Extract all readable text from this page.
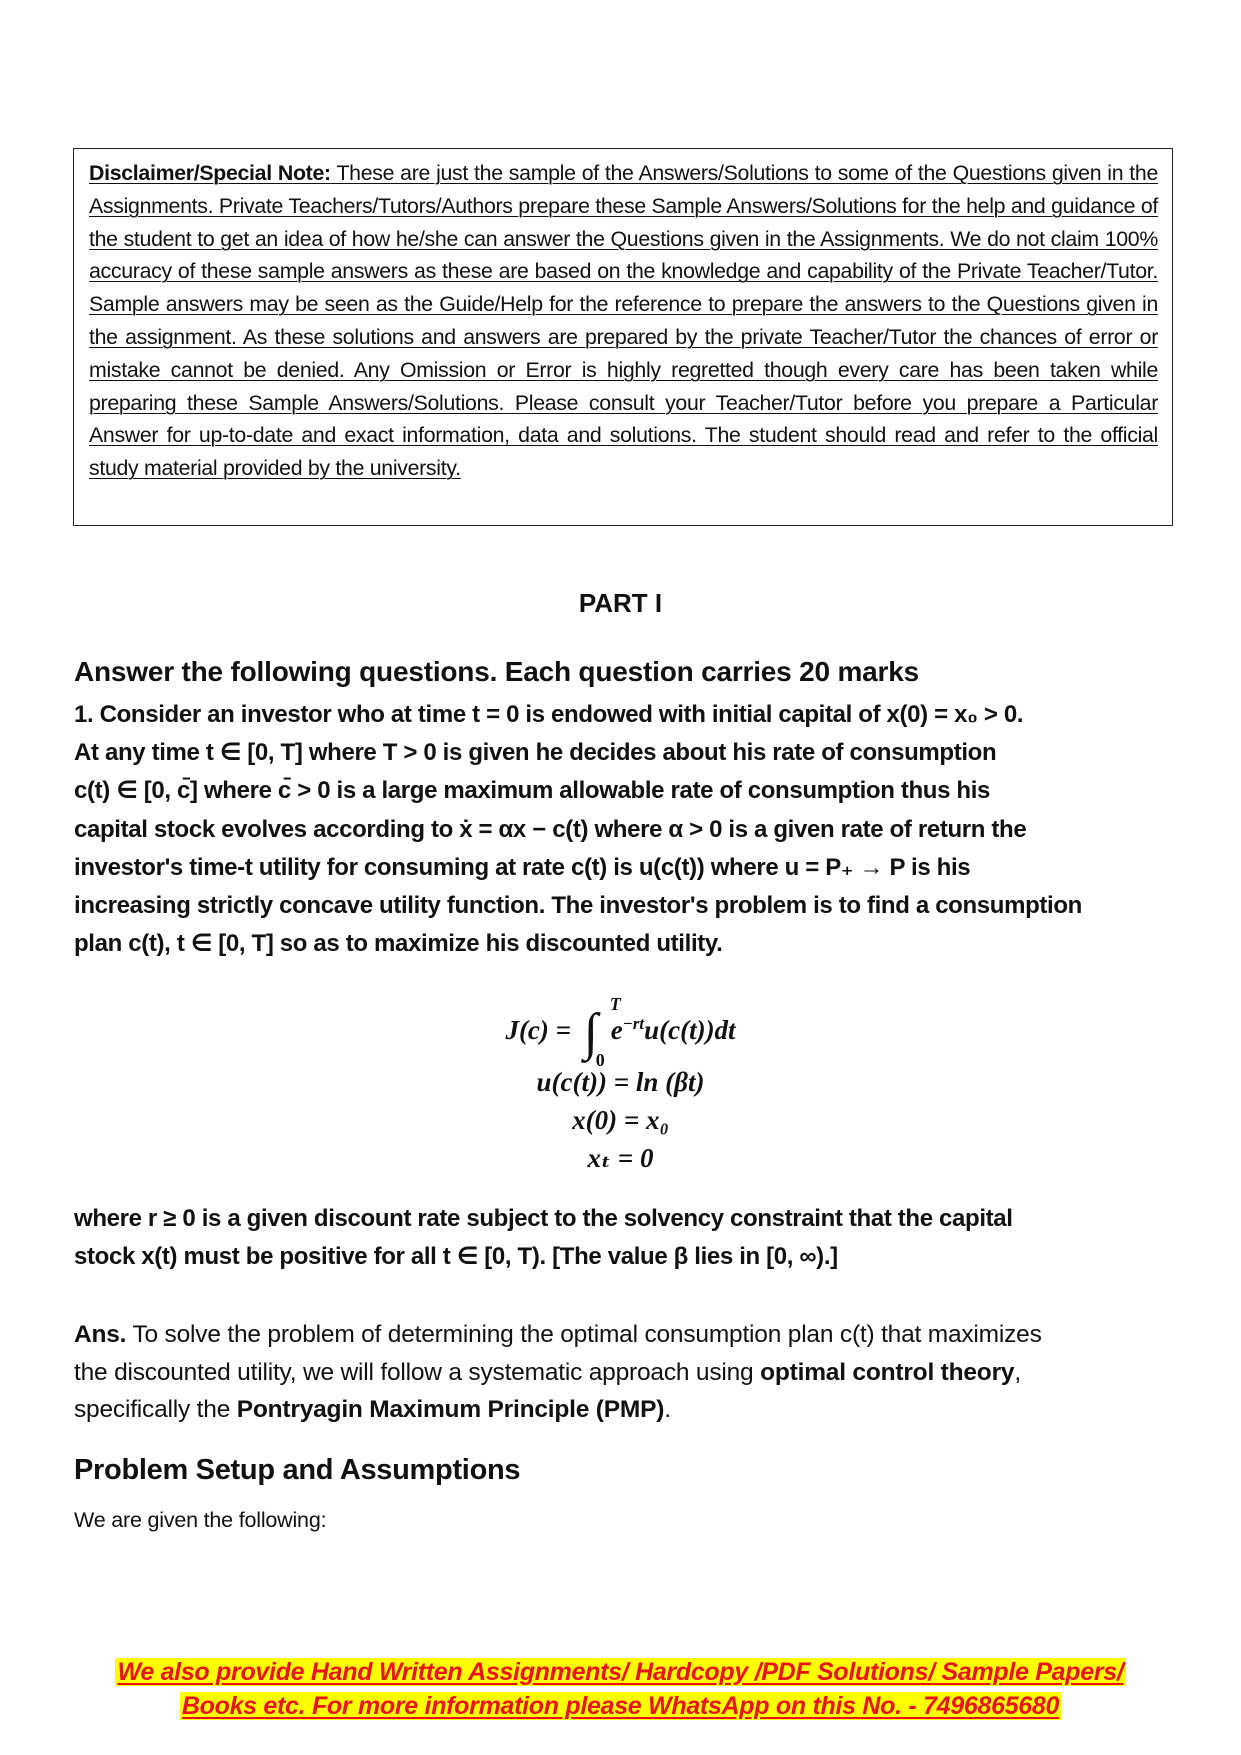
Disclaimer/Special Note: These are just the sample of the Answers/Solutions to some of the Questions given in the Assignments. Private Teachers/Tutors/Authors prepare these Sample Answers/Solutions for the help and guidance of the student to get an idea of how he/she can answer the Questions given in the Assignments. We do not claim 100% accuracy of these sample answers as these are based on the knowledge and capability of the Private Teacher/Tutor. Sample answers may be seen as the Guide/Help for the reference to prepare the answers to the Questions given in the assignment. As these solutions and answers are prepared by the private Teacher/Tutor the chances of error or mistake cannot be denied. Any Omission or Error is highly regretted though every care has been taken while preparing these Sample Answers/Solutions. Please consult your Teacher/Tutor before you prepare a Particular Answer for up-to-date and exact information, data and solutions. The student should read and refer to the official study material provided by the university.

PART I
Answer the following questions. Each question carries 20 marks

1. Consider an investor who at time t = 0 is endowed with initial capital of x(0) = x₀ > 0.

At any time t ∈ [0, T] where T > 0 is given he decides about his rate of consumption

c(t) ∈ [0, c̄] where c̄ > 0 is a large maximum allowable rate of consumption thus his

capital stock evolves according to ẋ = αx − c(t) where α > 0 is a given rate of return the

investor's time-t utility for consuming at rate c(t) is u(c(t)) where u = P₊ → P is his

increasing strictly concave utility function. The investor's problem is to find a consumption

plan c(t), t ∈ [0, T] so as to maximize his discounted utility.

J(c) = ∫ T
0
$e^{-rt}u(c(t))dt$
u(c(t)) = ln (βt)
x(0) = x₀
xₜ = 0

where r ≥ 0 is a given discount rate subject to the solvency constraint that the capital

stock x(t) must be positive for all t ∈ [0, T). [The value β lies in [0, ∞).]

Ans. To solve the problem of determining the optimal consumption plan c(t) that maximizes

the discounted utility, we will follow a systematic approach using optimal control theory,

specifically the Pontryagin Maximum Principle (PMP).

Problem Setup and Assumptions
We are given the following:
We also provide Hand Written Assignments/ Hardcopy /PDF Solutions/ Sample Papers/
Books etc. For more information please WhatsApp on this No. - 7496865680
